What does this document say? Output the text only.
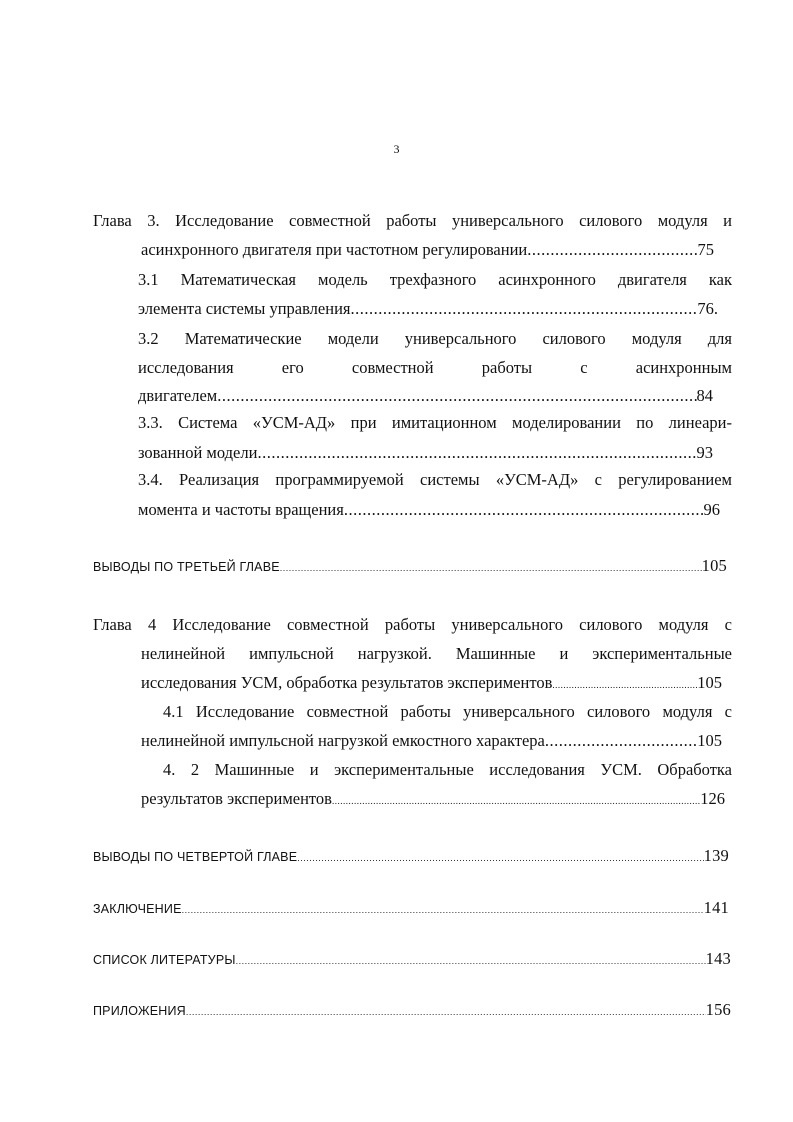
3
Глава 3. Исследование совместной работы универсального силового модуля и
асинхронного двигателя при частотном регулировании .....	75
3.1 Математическая модель трехфазного асинхронного двигателя как
элемента системы управления .....	76.
3.2 Математические модели универсального силового модуля для
исследования его совместной работы с асинхронным
двигателем .....	84
3.3. Система «УСМ-АД» при имитационном моделировании по линеари-
зованной модели .....	93
3.4. Реализация программируемой системы «УСМ-АД» с регулированием
момента и частоты вращения .....	96
ВЫВОДЫ ПО ТРЕТЬЕЙ ГЛАВЕ .....	105
Глава 4 Исследование совместной работы универсального силового модуля с
нелинейной импульсной нагрузкой. Машинные и экспериментальные
исследования УСМ, обработка результатов экспериментов .....	105
4.1 Исследование совместной работы универсального силового модуля с
нелинейной импульсной нагрузкой емкостного характера .....	105
4. 2 Машинные и экспериментальные исследования УСМ. Обработка
результатов экспериментов .....	126
ВЫВОДЫ ПО ЧЕТВЕРТОЙ ГЛАВЕ .....	139
ЗАКЛЮЧЕНИЕ .....	141
СПИСОК ЛИТЕРАТУРЫ .....	143
ПРИЛОЖЕНИЯ .....	156
